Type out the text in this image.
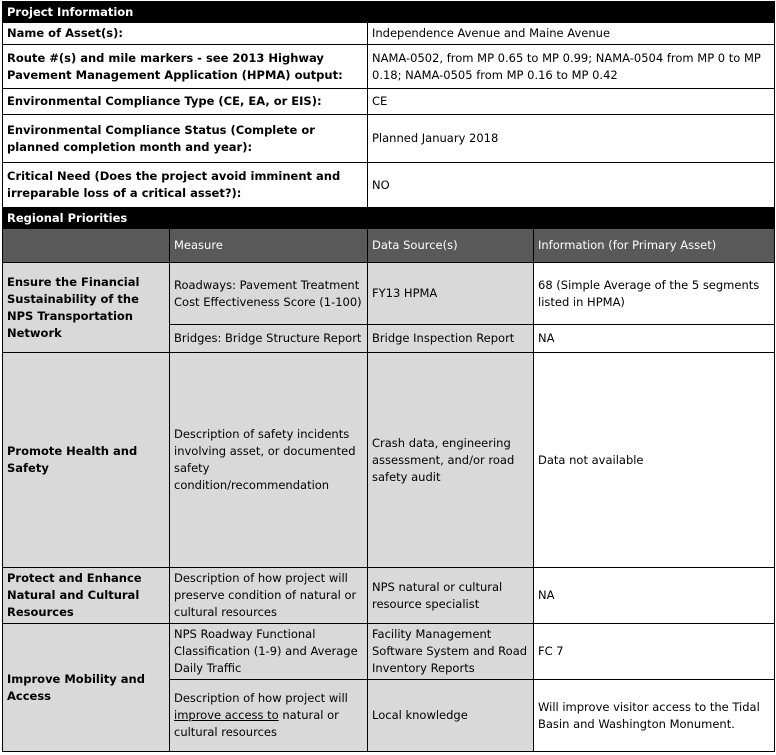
Project Information			
Name of Asset(s):		Independence Avenue and Maine Avenue	
Route #(s) and mile markers - see 2013 Highway Pavement Management Application (HPMA) output:		NAMA-0502, from MP 0.65 to MP 0.99; NAMA-0504 from MP 0 to MP 0.18; NAMA-0505 from MP 0.16 to MP 0.42	
Environmental Compliance Type (CE, EA, or EIS):		CE	
Environmental Compliance Status (Complete or planned completion month and year):		Planned January 2018	
Critical Need (Does the project avoid imminent and irreparable loss of a critical asset?):		NO	
Regional Priorities			
	Measure	Data Source(s)	Information (for Primary Asset)
Ensure the Financial Sustainability of the NPS Transportation Network	Roadways: Pavement Treatment Cost Effectiveness Score (1-100)	FY13 HPMA	68 (Simple Average of the 5 segments listed in HPMA)
	Bridges: Bridge Structure Report	Bridge Inspection Report	NA
Promote Health and Safety	Description of safety incidents involving asset, or documented safety condition/recommendation	Crash data, engineering assessment, and/or road safety audit	Data not available
Protect and Enhance Natural and Cultural Resources	Description of how project will preserve condition of natural or cultural resources	NPS natural or cultural resource specialist	NA
Improve Mobility and Access	NPS Roadway Functional Classification (1-9) and Average Daily Traffic	Facility Management Software System and Road Inventory Reports	FC 7
	Description of how project will improve access to natural or cultural resources	Local knowledge	Will improve visitor access to the Tidal Basin and Washington Monument.
